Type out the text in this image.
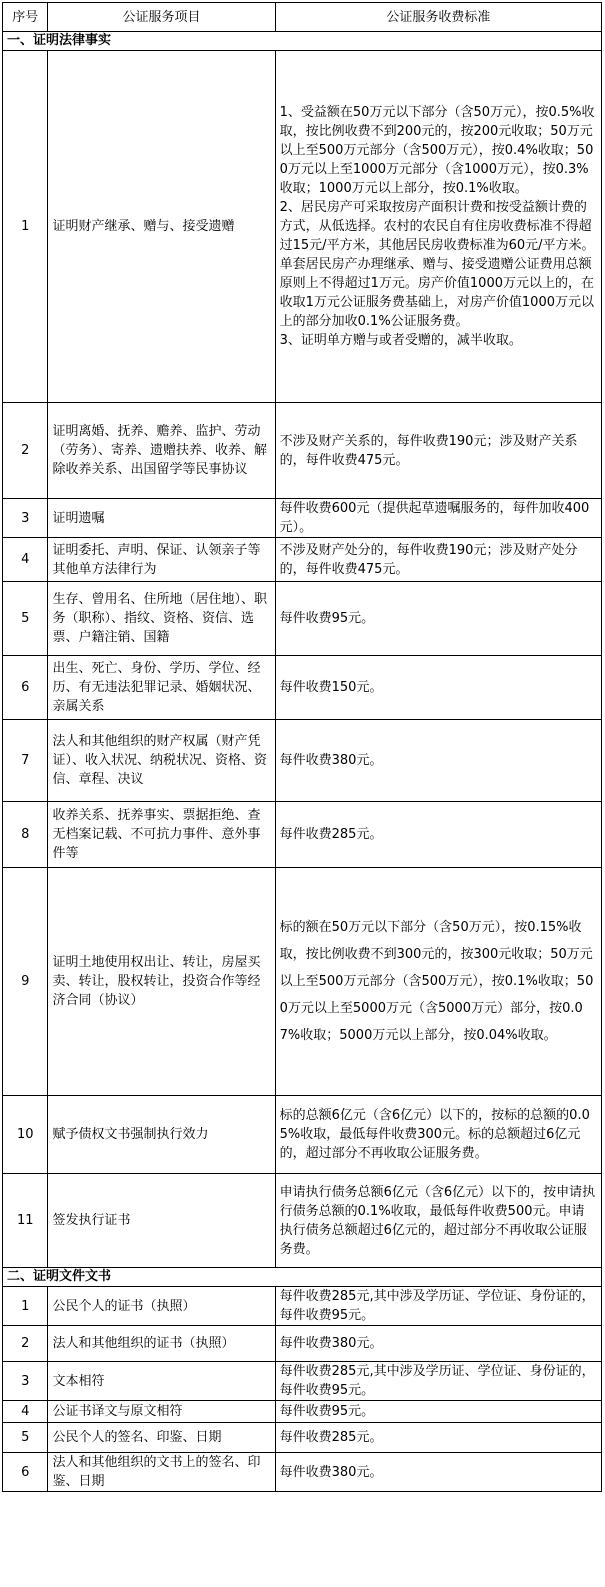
序号	公证服务项目	公证服务收费标准
一、证明法律事实		
1	证明财产继承、赠与、接受遗赠	1、受益额在50万元以下部分（含50万元），按0.5%收取，按比例收费不到200元的，按200元收取；50万元以上至500万元部分（含500万元），按0.4%收取；500万元以上至1000万元部分（含1000万元），按0.3%收取；1000万元以上部分，按0.1%收取。
2、居民房产可采取按房产面积计费和按受益额计费的方式，从低选择。农村的农民自有住房收费标准不得超过15元/平方米，其他居民房收费标准为60元/平方米。单套居民房产办理继承、赠与、接受遗赠公证费用总额原则上不得超过1万元。房产价值1000万元以上的，在收取1万元公证服务费基础上，对房产价值1000万元以上的部分加收0.1%公证服务费。
3、证明单方赠与或者受赠的，减半收取。
2	证明离婚、抚养、赡养、监护、劳动（劳务）、寄养、遗赠扶养、收养、解除收养关系、出国留学等民事协议	不涉及财产关系的，每件收费190元；涉及财产关系的，每件收费475元。
3	证明遗嘱	每件收费600元（提供起草遗嘱服务的，每件加收400元）。
4	证明委托、声明、保证、认领亲子等其他单方法律行为	不涉及财产处分的，每件收费190元；涉及财产处分的，每件收费475元。
5	生存、曾用名、住所地（居住地）、职务（职称）、指纹、资格、资信、选票、户籍注销、国籍	每件收费95元。
6	出生、死亡、身份、学历、学位、经历、有无违法犯罪记录、婚姻状况、亲属关系	每件收费150元。
7	法人和其他组织的财产权属（财产凭证）、收入状况、纳税状况、资格、资信、章程、决议	每件收费380元。
8	收养关系、抚养事实、票据拒绝、查无档案记载、不可抗力事件、意外事件等	每件收费285元。
9	证明土地使用权出让、转让，房屋买卖、转让，股权转让，投资合作等经济合同（协议）	标的额在50万元以下部分（含50万元），按0.15%收取，按比例收费不到300元的，按300元收取；50万元以上至500万元部分（含500万元），按0.1%收取；500万元以上至5000万元（含5000万元）部分，按0.07%收取；5000万元以上部分，按0.04%收取。
10	赋予债权文书强制执行效力	标的总额6亿元（含6亿元）以下的，按标的总额的0.05%收取，最低每件收费300元。标的总额超过6亿元的，超过部分不再收取公证服务费。
11	签发执行证书	申请执行债务总额6亿元（含6亿元）以下的，按申请执行债务总额的0.1%收取，最低每件收费500元。申请执行债务总额超过6亿元的，超过部分不再收取公证服务费。
二、证明文件文书		
1	公民个人的证书（执照）	每件收费285元,其中涉及学历证、学位证、身份证的，每件收费95元。
2	法人和其他组织的证书（执照）	每件收费380元。
3	文本相符	每件收费285元,其中涉及学历证、学位证、身份证的，每件收费95元。
4	公证书译文与原文相符	每件收费95元。
5	公民个人的签名、印鉴、日期	每件收费285元。
6	法人和其他组织的文书上的签名、印鉴、日期	每件收费380元。
